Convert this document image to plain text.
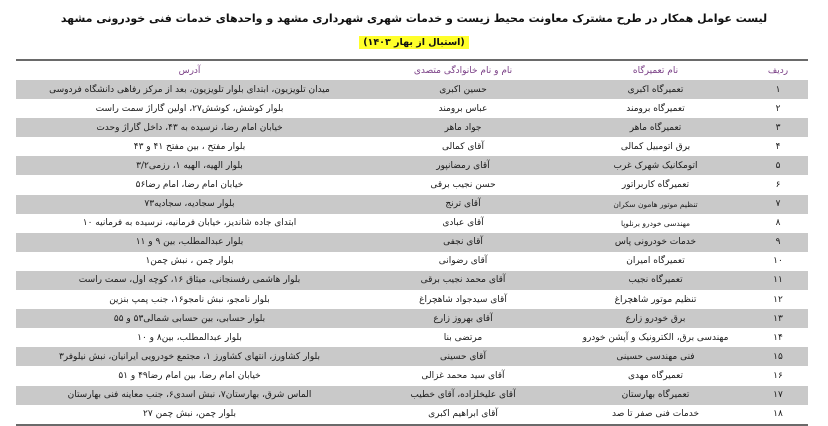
لیست عوامل همکار در طرح مشترک معاونت محیط زیست و خدمات شهری شهرداری مشهد و واحدهای خدمات فنی خودرونی مشهد
(استبال از بهار ۱۴۰۳)
ردیف
نام تعمیرگاه
نام و نام خانوادگی متصدی
آدرس
۱
تعمیرگاه اکبری
حسین اکبری
میدان تلویزیون، ابتدای بلوار تلویزیون، بعد از مرکز رفاهی دانشگاه فردوسی
۲
تعمیرگاه برومند
عباس برومند
بلوار کوشش، کوشش۲۷، اولین گاراژ سمت راست
۳
تعمیرگاه ماهر
جواد ماهر
خیابان امام رضا، نرسیده به ۴۳، داخل گاراژ وحدت
۴
برق اتومبیل کمالی
آقای کمالی
بلوار مفتح ، بین مفتح ۴۱ و ۴۳
۵
اتومکانیک شهرک غرب
آقای رمضانپور
بلوار الهیه، الهیه ۱، رزمی۳/۲
۶
تعمیرگاه کاربراتور
حسن نجیب برقی
خیابان امام رضا، امام رضا۵۶
۷
تنظیم موتور هامون سکران
آقای ترنج
بلوار سجادیه، سجادیه۷۳
۸
مهندسی خودرو برنلوپا
آقای عبادی
ابتدای جاده شاندیز، خیابان فرمانیه، نرسیده به فرمانیه ۱۰
۹
خدمات خودرونی پاس
آقای نجفی
بلوار عبدالمطلب، بین ۹ و ۱۱
۱۰
تعمیرگاه امیران
آقای رضوانی
بلوار چمن ، نبش چمن۱
۱۱
تعمیرگاه نجیب
آقای محمد نجیب برقی
بلوار هاشمی رفسنجانی، میثاق ۱۶، کوچه اول، سمت راست
۱۲
تنظیم موتور شاهچراغ
آقای سیدجواد شاهچراغ
بلوار نامجو، نبش نامجو۱۶، جنب پمپ بنزین
۱۳
برق خودرو زارع
آقای بهروز زارع
بلوار حسابی، بین حسابی شمالی۵۳ و ۵۵
۱۴
مهندسی برق، الکترونیک و آپشن خودرو
مرتضی بنا
بلوار عبدالمطلب، بین۸ و ۱۰
۱۵
فنی مهندسی حسینی
آقای حسینی
بلوار کشاورز، انتهای کشاورز ۱، مجتمع خودرویی ایرانیان، نبش نیلوفر۳
۱۶
تعمیرگاه مهدی
آقای سید محمد غزالی
خیابان امام رضا، بین امام رضا۴۹ و ۵۱
۱۷
تعمیرگاه بهارستان
آقای علیخلزاده، آقای خطیب
الماس شرق، بهارستان۷، نبش اسدی۶، جنب معاینه فنی بهارستان
۱۸
خدمات فنی صفر تا صد
آقای ابراهیم اکبری
بلوار چمن، نبش چمن ۲۷
